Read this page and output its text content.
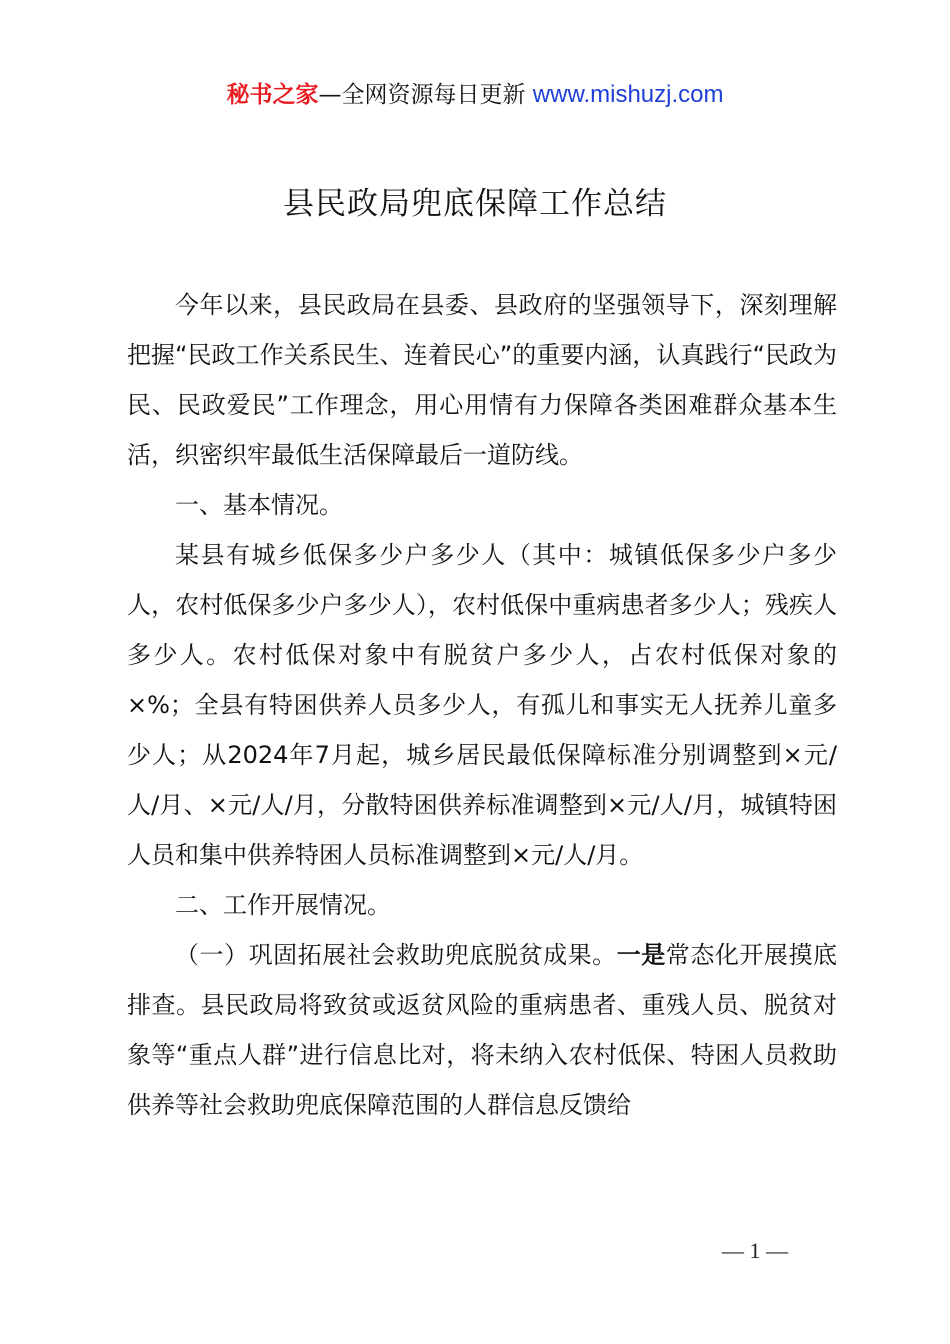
秘书之家—全网资源每日更新 www.mishuzj.com
县民政局兜底保障工作总结

今年以来，县民政局在县委、县政府的坚强领导下，深刻理解把握“民政工作关系民生、连着民心”的重要内涵，认真践行“民政为民、民政爱民”工作理念，用心用情有力保障各类困难群众基本生活，织密织牢最低生活保障最后一道防线。

一、基本情况。

某县有城乡低保多少户多少人（其中：城镇低保多少户多少人，农村低保多少户多少人），农村低保中重病患者多少人；残疾人多少人。农村低保对象中有脱贫户多少人，占农村低保对象的×%；全县有特困供养人员多少人，有孤儿和事实无人抚养儿童多少人；从2024年7月起，城乡居民最低保障标准分别调整到×元/人/月、×元/人/月，分散特困供养标准调整到×元/人/月，城镇特困人员和集中供养特困人员标准调整到×元/人/月。

二、工作开展情况。

（一）巩固拓展社会救助兜底脱贫成果。一是常态化开展摸底排查。县民政局将致贫或返贫风险的重病患者、重残人员、脱贫对象等“重点人群”进行信息比对，将未纳入农村低保、特困人员救助供养等社会救助兜底保障范围的人群信息反馈给

— 1 —
